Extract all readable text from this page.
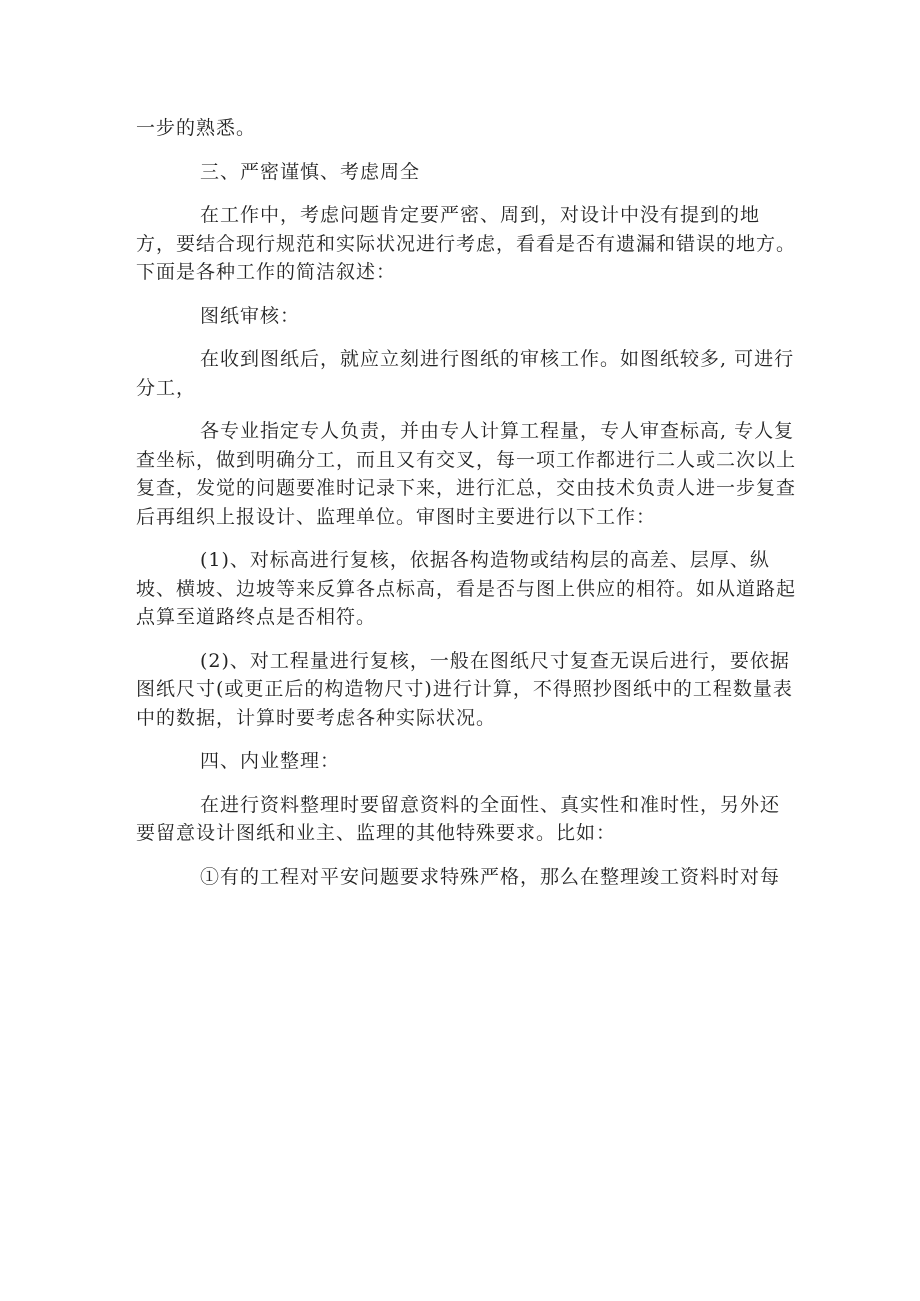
一步的熟悉。

三、严密谨慎、考虑周全

在工作中，考虑问题肯定要严密、周到，对设计中没有提到的地方，要结合现行规范和实际状况进行考虑，看看是否有遗漏和错误的地方。下面是各种工作的简洁叙述：

图纸审核：

在收到图纸后，就应立刻进行图纸的审核工作。如图纸较多, 可进行分工，

各专业指定专人负责，并由专人计算工程量，专人审查标高, 专人复查坐标，做到明确分工，而且又有交叉，每一项工作都进行二人或二次以上复查，发觉的问题要准时记录下来，进行汇总，交由技术负责人进一步复查后再组织上报设计、监理单位。审图时主要进行以下工作：

(1)、对标高进行复核，依据各构造物或结构层的高差、层厚、纵坡、横坡、边坡等来反算各点标高，看是否与图上供应的相符。如从道路起点算至道路终点是否相符。

(2)、对工程量进行复核，一般在图纸尺寸复查无误后进行，要依据图纸尺寸(或更正后的构造物尺寸)进行计算，不得照抄图纸中的工程数量表中的数据，计算时要考虑各种实际状况。

四、内业整理：

在进行资料整理时要留意资料的全面性、真实性和准时性，另外还要留意设计图纸和业主、监理的其他特殊要求。比如：

①有的工程对平安问题要求特殊严格，那么在整理竣工资料时对每
